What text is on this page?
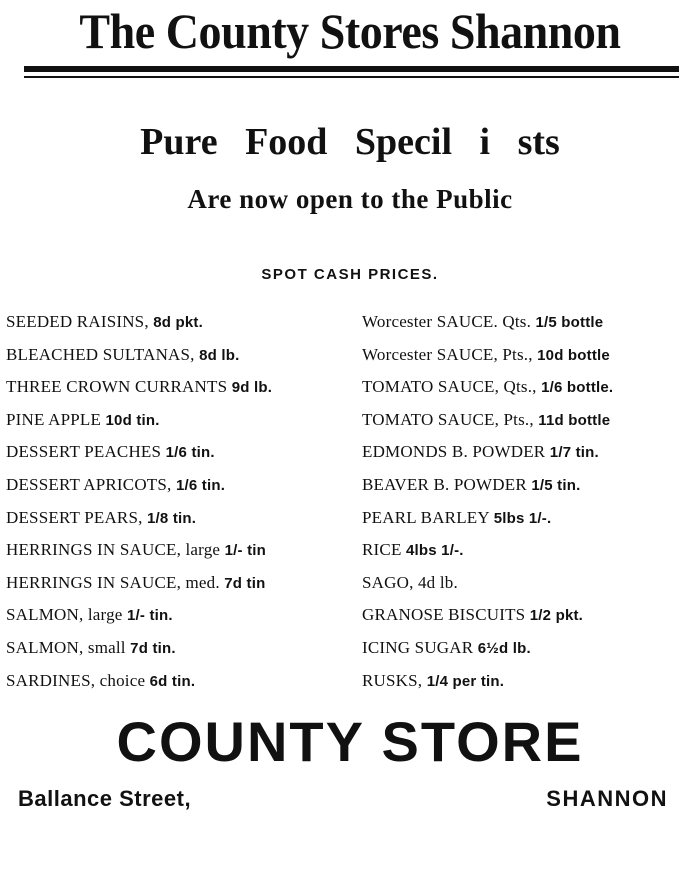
The County Stores Shannon
Pure Food Specil i sts
Are now open to the Public
SPOT CASH PRICES.
SEEDED RAISINS, 8d pkt.
BLEACHED SULTANAS, 8d lb.
THREE CROWN CURRANTS 9d lb.
PINE APPLE 10d tin.
DESSERT PEACHES 1/6 tin.
DESSERT APRICOTS, 1/6 tin.
DESSERT PEARS, 1/8 tin.
HERRINGS IN SAUCE, large 1/- tin
HERRINGS IN SAUCE, med. 7d tin
SALMON, large 1/- tin.
SALMON, small 7d tin.
SARDINES, choice 6d tin.
Worcester SAUCE. Qts. 1/5 bottle
Worcester SAUCE, Pts., 10d bottle
TOMATO SAUCE, Qts., 1/6 bottle.
TOMATO SAUCE, Pts., 11d bottle
EDMONDS B. POWDER 1/7 tin.
BEAVER B. POWDER 1/5 tin.
PEARL BARLEY 5lbs 1/-.
RICE 4lbs 1/-.
SAGO, 4d lb.
GRANOSE BISCUITS 1/2 pkt.
ICING SUGAR 6½d lb.
RUSKS, 1/4 per tin.
COUNTY STORE
Ballance Street,	SHANNON
